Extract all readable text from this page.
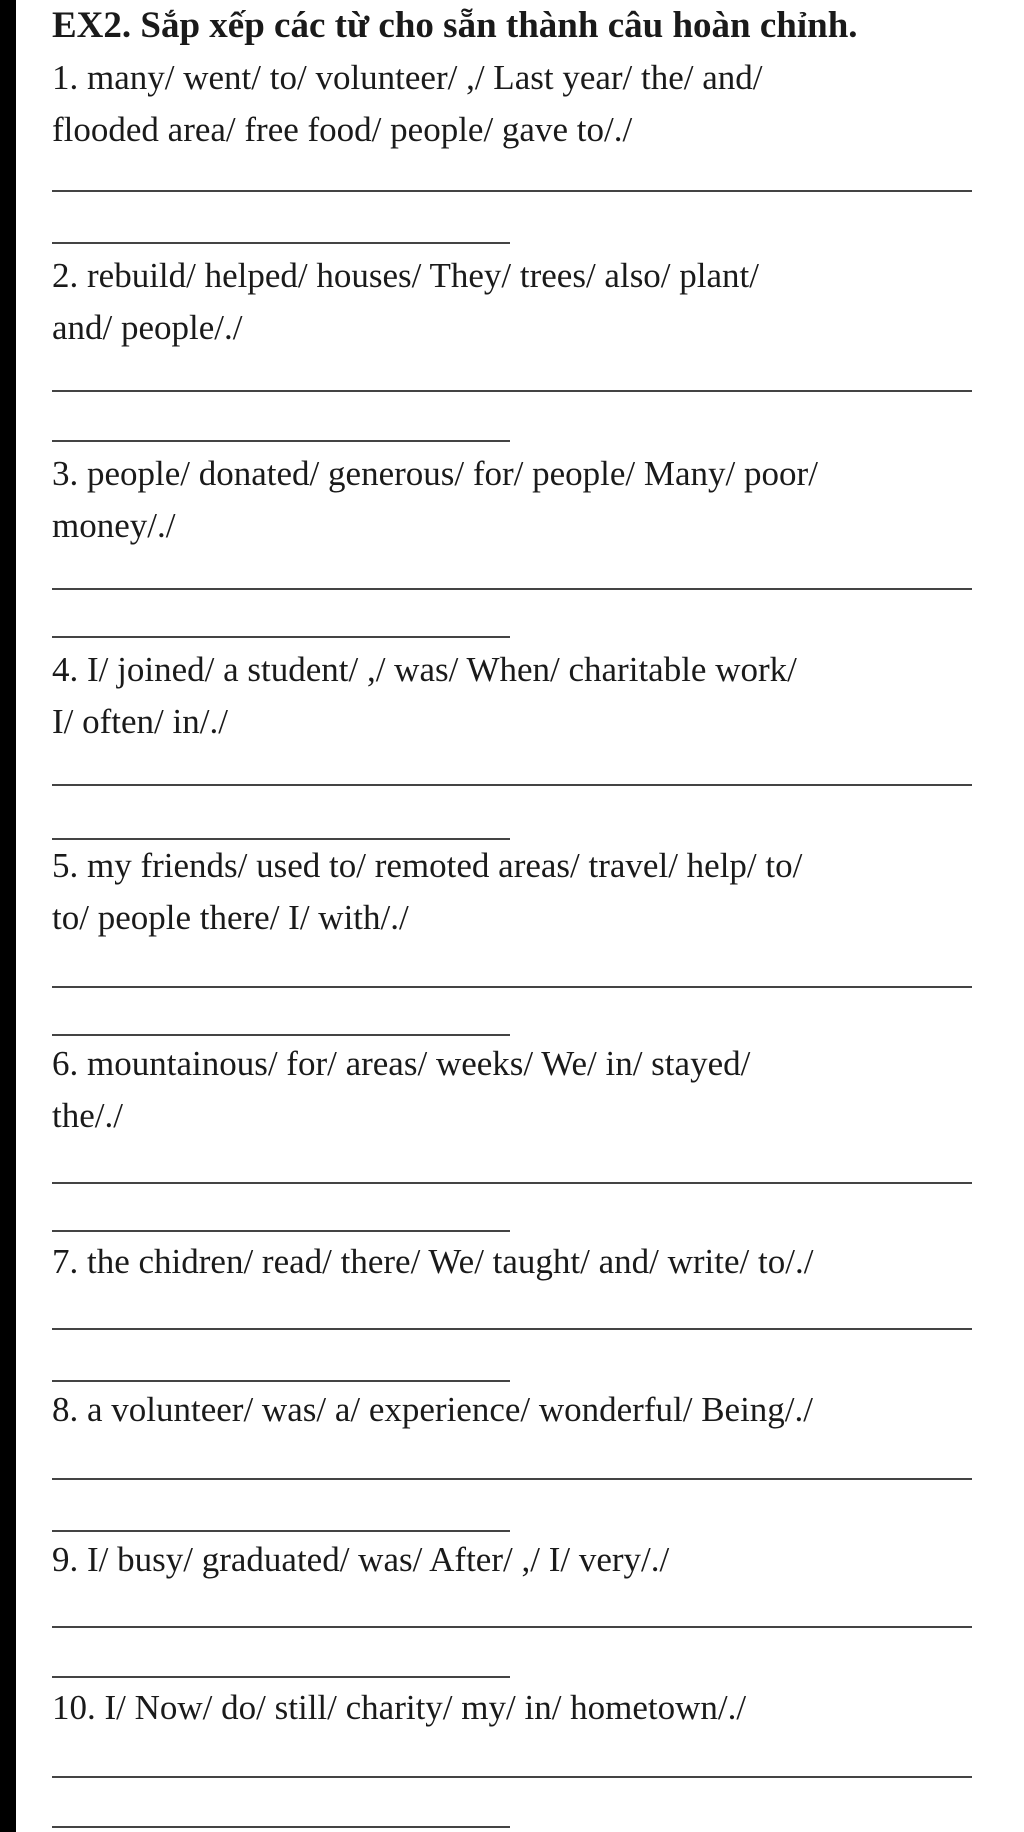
EX2. Sắp xếp các từ cho sẵn thành câu hoàn chỉnh.
1. many/ went/ to/ volunteer/ ,/ Last year/ the/ and/
flooded area/ free food/ people/ gave to/./
2. rebuild/ helped/ houses/ They/ trees/ also/ plant/
and/ people/./
3. people/ donated/ generous/ for/ people/ Many/ poor/
money/./
4. I/ joined/ a student/ ,/ was/ When/ charitable work/
I/ often/ in/./
5. my friends/ used to/ remoted areas/ travel/ help/ to/
to/ people there/ I/ with/./
6. mountainous/ for/ areas/ weeks/ We/ in/ stayed/
the/./
7. the chidren/ read/ there/ We/ taught/ and/ write/ to/./
8. a volunteer/ was/ a/ experience/ wonderful/ Being/./
9. I/ busy/ graduated/ was/ After/ ,/ I/ very/./
10. I/ Now/ do/ still/ charity/ my/ in/ hometown/./
